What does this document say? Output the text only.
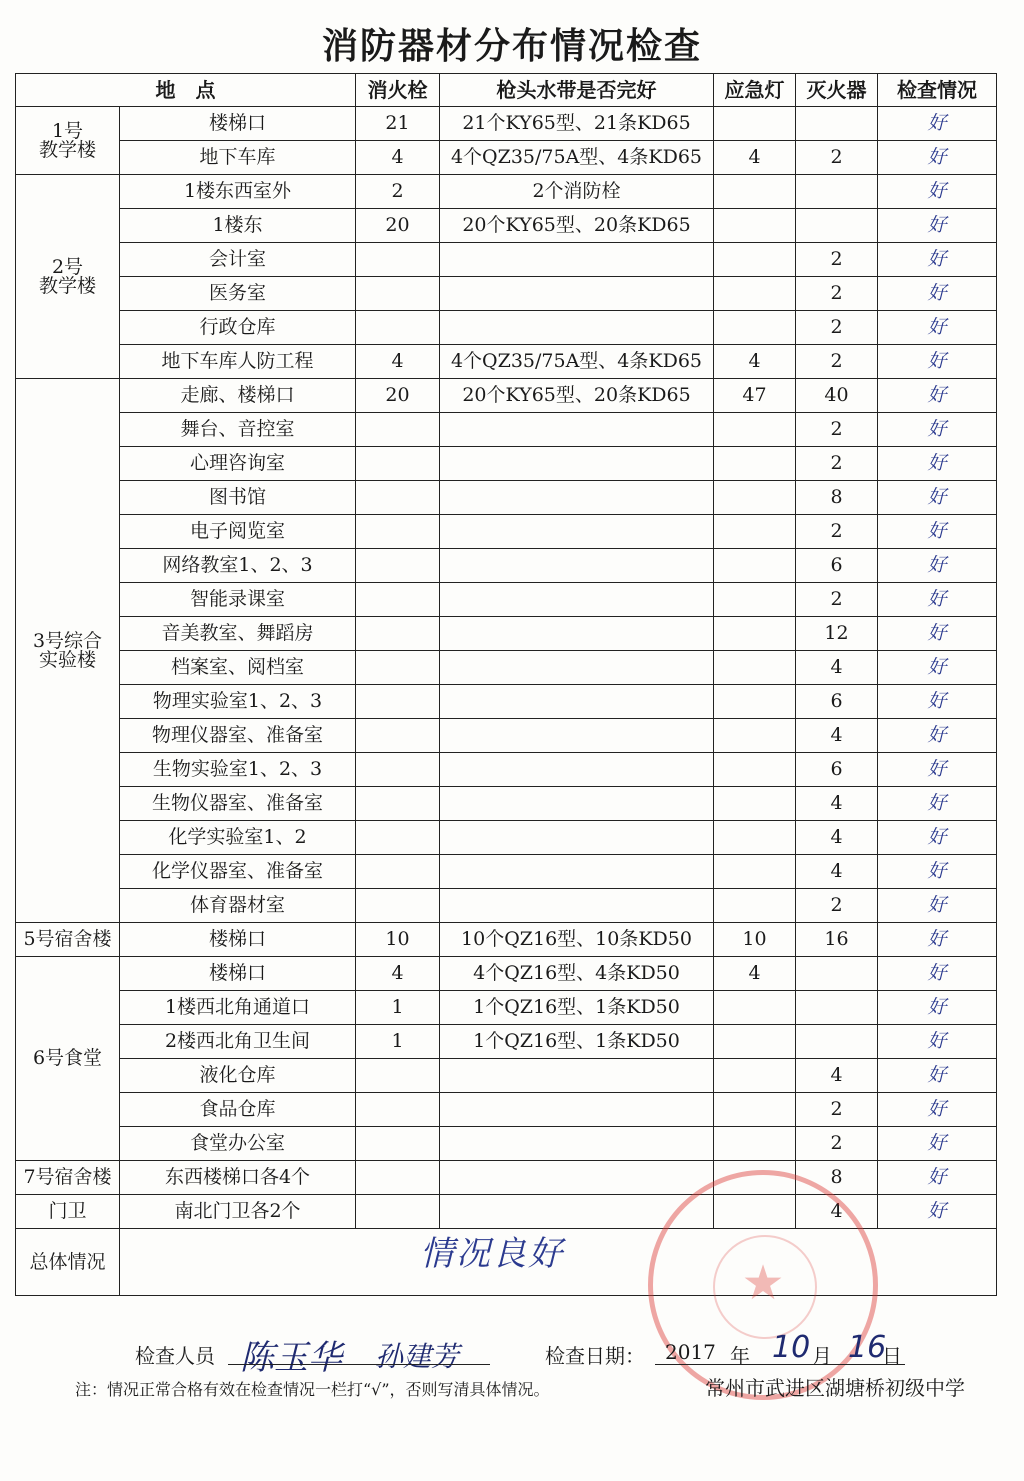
消防器材分布情况检查
地　点		消火栓	枪头水带是否完好	应急灯	灭火器	检查情况

1号
教学楼	楼梯口	21	21个KY65型、21条KD65			好
	地下车库	4	4个QZ35/75A型、4条KD65	4	2	好

2号
教学楼	1楼东西室外	2	2个消防栓			好
	1楼东	20	20个KY65型、20条KD65			好
	会计室				2	好
	医务室				2	好
	行政仓库				2	好
	地下车库人防工程	4	4个QZ35/75A型、4条KD65	4	2	好

3号综合
实验楼	走廊、楼梯口	20	20个KY65型、20条KD65	47	40	好
	舞台、音控室				2	好
	心理咨询室				2	好
	图书馆				8	好
	电子阅览室				2	好
	网络教室1、2、3				6	好
	智能录课室				2	好
	音美教室、舞蹈房				12	好
	档案室、阅档室				4	好
	物理实验室1、2、3				6	好
	物理仪器室、准备室				4	好
	生物实验室1、2、3				6	好
	生物仪器室、准备室				4	好
	化学实验室1、2				4	好
	化学仪器室、准备室				4	好
	体育器材室				2	好

5号宿舍楼	楼梯口	10	10个QZ16型、10条KD50	10	16	好

6号食堂	楼梯口	4	4个QZ16型、4条KD50	4		好
	1楼西北角通道口	1	1个QZ16型、1条KD50			好
	2楼西北角卫生间	1	1个QZ16型、1条KD50			好
	液化仓库				4	好
	食品仓库				2	好
	食堂办公室				2	好

7号宿舍楼	东西楼梯口各4个				8	好

门卫	南北门卫各2个				4	好
总体情况	情况良好					
★
检查人员 陈玉华 孙建芳	检查日期： 2017 年 10 月 16
日
注：情况正常合格有效在检查情况一栏打“√”，否则写清具体情况。	常州市武进区湖塘桥初级中学
